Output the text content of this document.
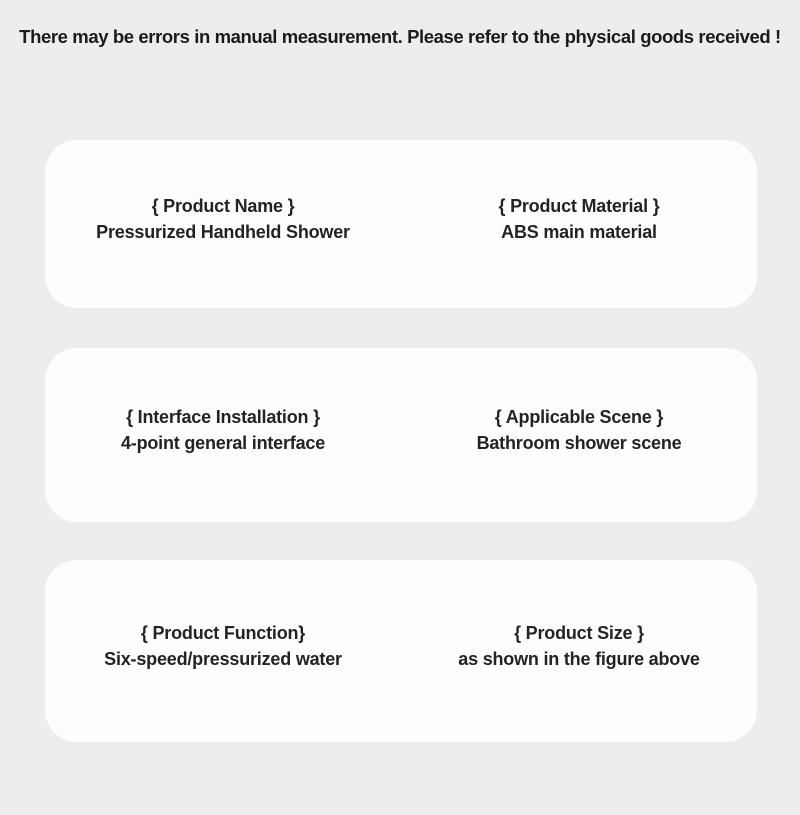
There may be errors in manual measurement. Please refer to the physical goods received !
{ Product Name }
Pressurized Handheld Shower
{ Product Material }
ABS main material
{ Interface Installation }
4-point general interface
{ Applicable Scene }
Bathroom shower scene
{ Product Function}
Six-speed/pressurized water
{ Product Size }
as shown in the figure above
